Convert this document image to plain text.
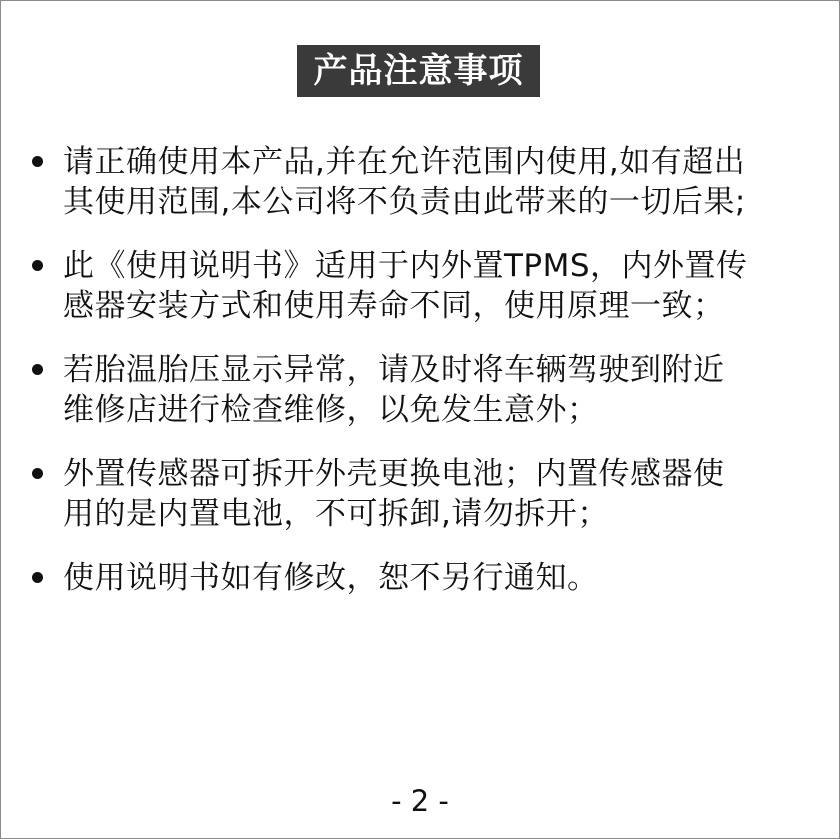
产品注意事项
请正确使用本产品,并在允许范围内使用,如有超出
其使用范围,本公司将不负责由此带来的一切后果;
此《使用说明书》适用于内外置TPMS，内外置传
感器安装方式和使用寿命不同，使用原理一致；
若胎温胎压显示异常，请及时将车辆驾驶到附近
维修店进行检查维修，以免发生意外；
外置传感器可拆开外壳更换电池；内置传感器使
用的是内置电池，不可拆卸,请勿拆开；
使用说明书如有修改，恕不另行通知。
- 2 -
